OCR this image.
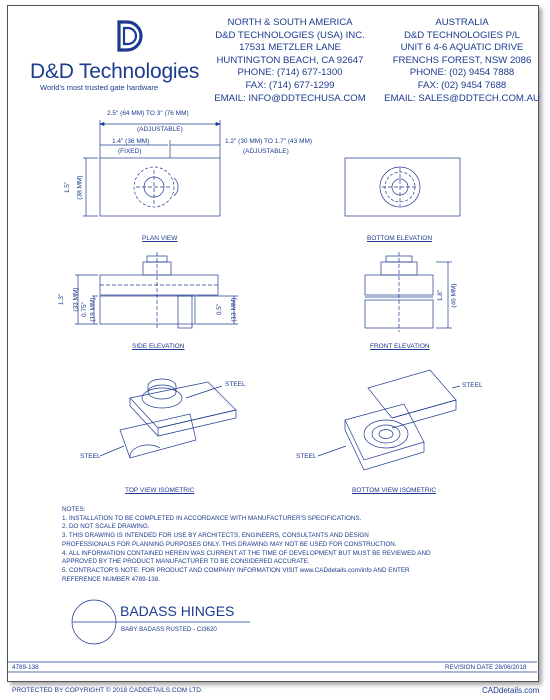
D&D Technologies
World's most trusted gate hardware
NORTH & SOUTH AMERICA
D&D TECHNOLOGIES (USA) INC.
17531 METZLER LANE
HUNTINGTON BEACH, CA 92647
PHONE: (714) 677-1300
FAX: (714) 677-1299
EMAIL: INFO@DDTECHUSA.COM
AUSTRALIA
D&D TECHNOLOGIES P/L
UNIT 6 4-6 AQUATIC DRIVE
FRENCHS FOREST, NSW 2086
PHONE: (02) 9454 7888
FAX: (02) 9454 7688
EMAIL: SALES@DDTECH.COM.AU
2.5" (64 MM) TO 3" (76 MM)
(ADJUSTABLE)
1.4" (36 MM)
(FIXED)
1.2" (30 MM) TO 1.7" (43 MM)
(ADJUSTABLE)
1.5" (38 MM)
1.3" (33 MM) 0.75" (19 MM)	0.5" (13 MM)
1.8" (46 MM)
PLAN VIEW	BOTTOM ELEVATION
SIDE ELEVATION	FRONT ELEVATION
TOP VIEW ISOMETRIC	BOTTOM VIEW ISOMETRIC
STEEL
STEEL
STEEL
STEEL
NOTES:
1. INSTALLATION TO BE COMPLETED IN ACCORDANCE WITH MANUFACTURER'S SPECIFICATIONS.
2. DO NOT SCALE DRAWING.
3. THIS DRAWING IS INTENDED FOR USE BY ARCHITECTS, ENGINEERS, CONSULTANTS AND DESIGN
PROFESSIONALS FOR PLANNING PURPOSES ONLY. THIS DRAWING MAY NOT BE USED FOR CONSTRUCTION.
4. ALL INFORMATION CONTAINED HEREIN WAS CURRENT AT THE TIME OF DEVELOPMENT BUT MUST BE REVIEWED AND
APPROVED BY THE PRODUCT MANUFACTURER TO BE CONSIDERED ACCURATE.
5. CONTRACTOR'S NOTE: FOR PRODUCT AND COMPANY INFORMATION VISIT www.CADdetails.com/info AND ENTER
REFERENCE NUMBER 4789-138.
BADASS HINGES
BABY BADASS RUSTED - CI3620
4789-138	REVISION DATE 28/06/2018
PROTECTED BY COPYRIGHT © 2018 CADDETAILS.COM LTD.	CADdetails.com
